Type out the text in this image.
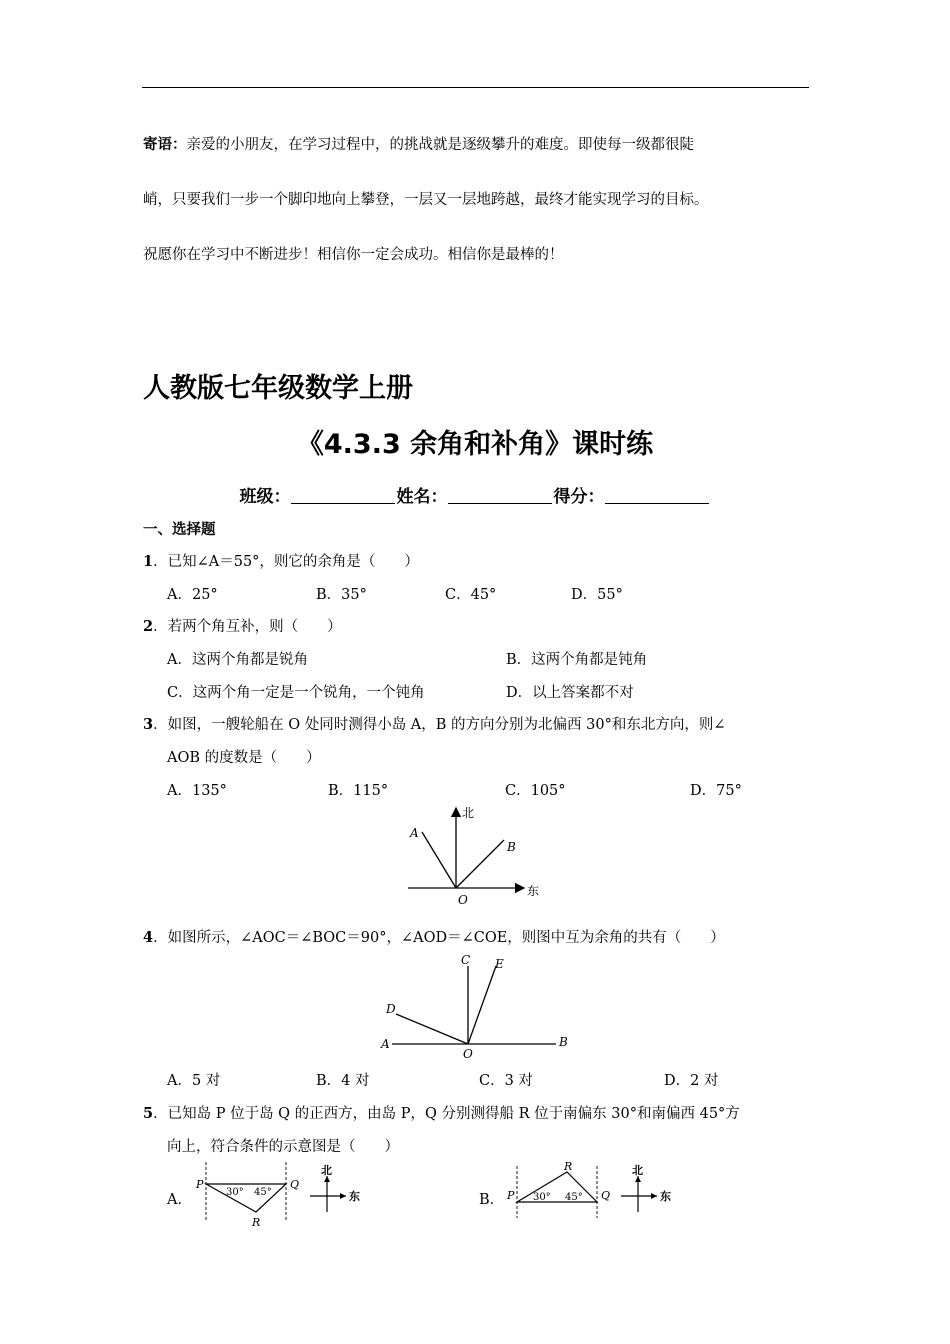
寄语：亲爱的小朋友，在学习过程中，的挑战就是逐级攀升的难度。即使每一级都很陡
峭，只要我们一步一个脚印地向上攀登，一层又一层地跨越，最终才能实现学习的目标。
祝愿你在学习中不断进步！相信你一定会成功。相信你是最棒的！
人教版七年级数学上册
《4.3.3 余角和补角》课时练
班级：	姓名：	得分：
一、选择题
1．已知∠A＝55°，则它的余角是（　　）
A．25°	B．35°	C．45°	D．55°
2．若两个角互补，则（　　）
A．这两个角都是锐角	B．这两个角都是钝角
C．这两个角一定是一个锐角，一个钝角	D．以上答案都不对
3．如图，一艘轮船在 O 处同时测得小岛 A，B 的方向分别为北偏西 30°和东北方向，则∠
AOB 的度数是（　　）
A．135°	B．115°	C．105°	D．75°
北
东
A
B
O
4．如图所示，∠AOC＝∠BOC＝90°，∠AOD＝∠COE，则图中互为余角的共有（　　）
C E
D
A	B
O
A．5 对	B．4 对	C．3 对	D．2 对
5．已知岛 P 位于岛 Q 的正西方，由岛 P，Q 分别测得船 R 位于南偏东 30°和南偏西 45°方
向上，符合条件的示意图是（　　）
A．
P	Q
R
30° 45°
北
东	B． P	Q
R
30° 45°
北
东
